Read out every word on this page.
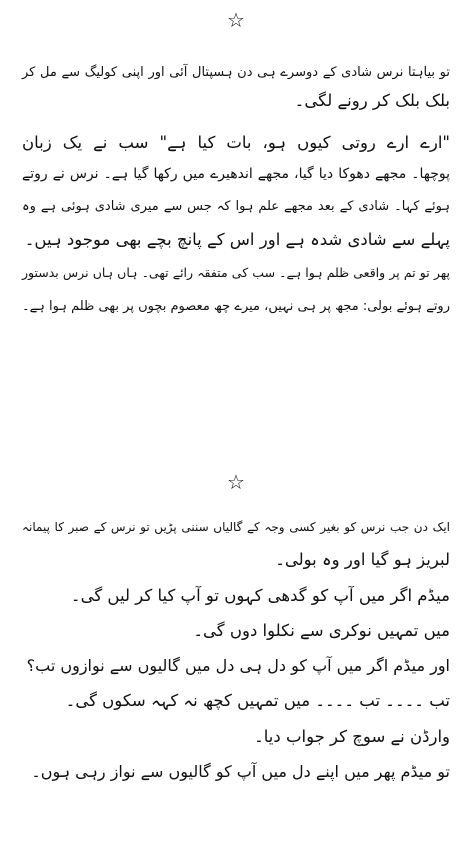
☆
تو بیاہتا نرس شادی کے دوسرے ہی دن ہسپتال آئی اور اپنی کولیگ سے مل کر
بلک بلک کر رونے لگی۔
"ارے ارے روتی کیوں ہو، بات کیا ہے" سب نے یک زبان
پوچھا۔ مجھے دھوکا دیا گیا، مجھے اندھیرے میں رکھا گیا ہے۔ نرس نے روتے
ہوئے کہا۔ شادی کے بعد مجھے علم ہوا کہ جس سے میری شادی ہوئی ہے وہ
پہلے سے شادی شدہ ہے اور اس کے پانچ بچے بھی موجود ہیں۔
پھر تو تم پر واقعی ظلم ہوا ہے۔ سب کی متفقہ رائے تھی۔ ہاں ہاں نرس بدستور
روتے ہوئے بولی: مجھ پر ہی نہیں، میرے چھ معصوم بچوں پر بھی ظلم ہوا ہے۔
☆
ایک دن جب نرس کو بغیر کسی وجہ کے گالیاں سننی پڑیں تو نرس کے صبر کا پیمانہ
لبریز ہو گیا اور وہ بولی۔
میڈم اگر میں آپ کو گدھی کہوں تو آپ کیا کر لیں گی۔
میں تمہیں نوکری سے نکلوا دوں گی۔
اور میڈم اگر میں آپ کو دل ہی دل میں گالیوں سے نوازوں تب؟
تب ۔۔۔۔ تب ۔۔۔۔ میں تمہیں کچھ نہ کہہ سکوں گی۔
وارڈن نے سوچ کر جواب دیا۔
تو میڈم پھر میں اپنے دل میں آپ کو گالیوں سے نواز رہی ہوں۔
